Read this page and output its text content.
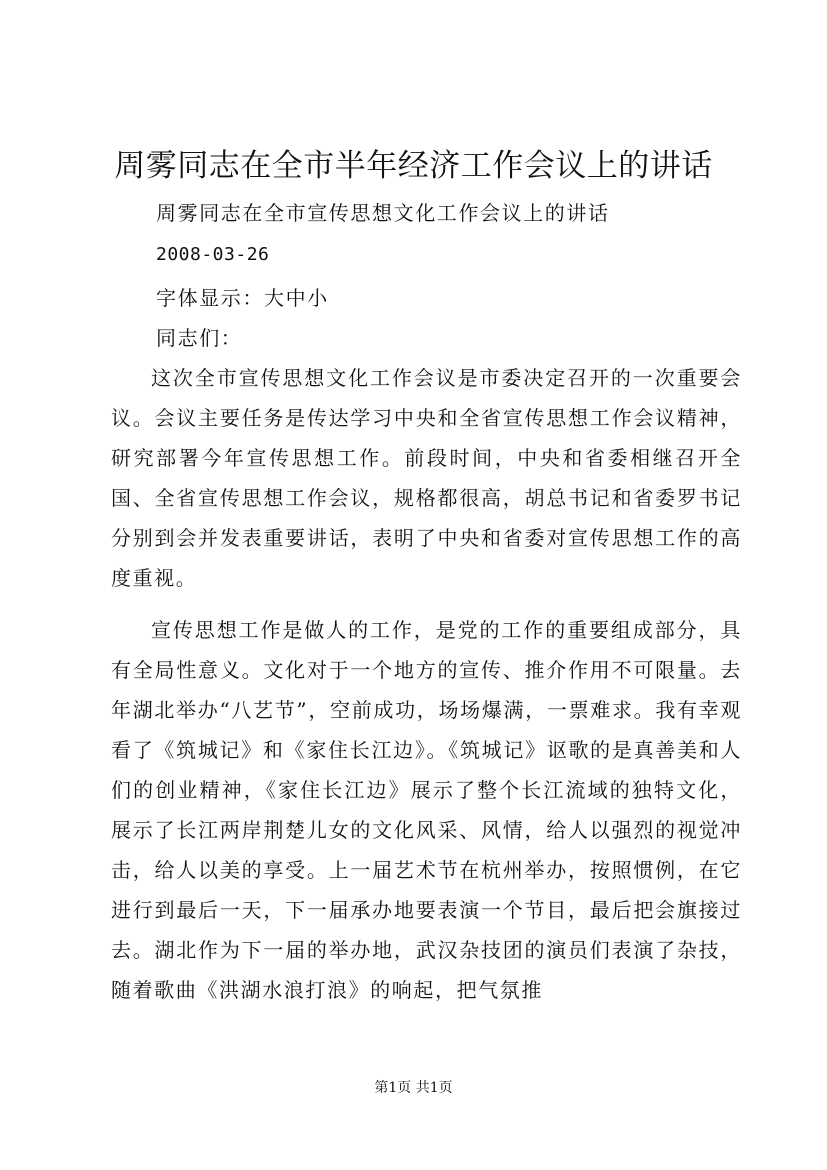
周雾同志在全市半年经济工作会议上的讲话
周雾同志在全市宣传思想文化工作会议上的讲话
2008-03-26
字体显示：大中小
同志们：

这次全市宣传思想文化工作会议是市委决定召开的一次重要会议。会议主要任务是传达学习中央和全省宣传思想工作会议精神，研究部署今年宣传思想工作。前段时间，中央和省委相继召开全国、全省宣传思想工作会议，规格都很高，胡总书记和省委罗书记分别到会并发表重要讲话，表明了中央和省委对宣传思想工作的高度重视。

宣传思想工作是做人的工作，是党的工作的重要组成部分，具有全局性意义。文化对于一个地方的宣传、推介作用不可限量。去年湖北举办“八艺节”，空前成功，场场爆满，一票难求。我有幸观看了《筑城记》和《家住长江边》。《筑城记》讴歌的是真善美和人们的创业精神，《家住长江边》展示了整个长江流域的独特文化，展示了长江两岸荆楚儿女的文化风采、风情，给人以强烈的视觉冲击，给人以美的享受。上一届艺术节在杭州举办，按照惯例，在它进行到最后一天，下一届承办地要表演一个节目，最后把会旗接过去。湖北作为下一届的举办地，武汉杂技团的演员们表演了杂技，随着歌曲《洪湖水浪打浪》的响起，把气氛推

第1页 共1页
